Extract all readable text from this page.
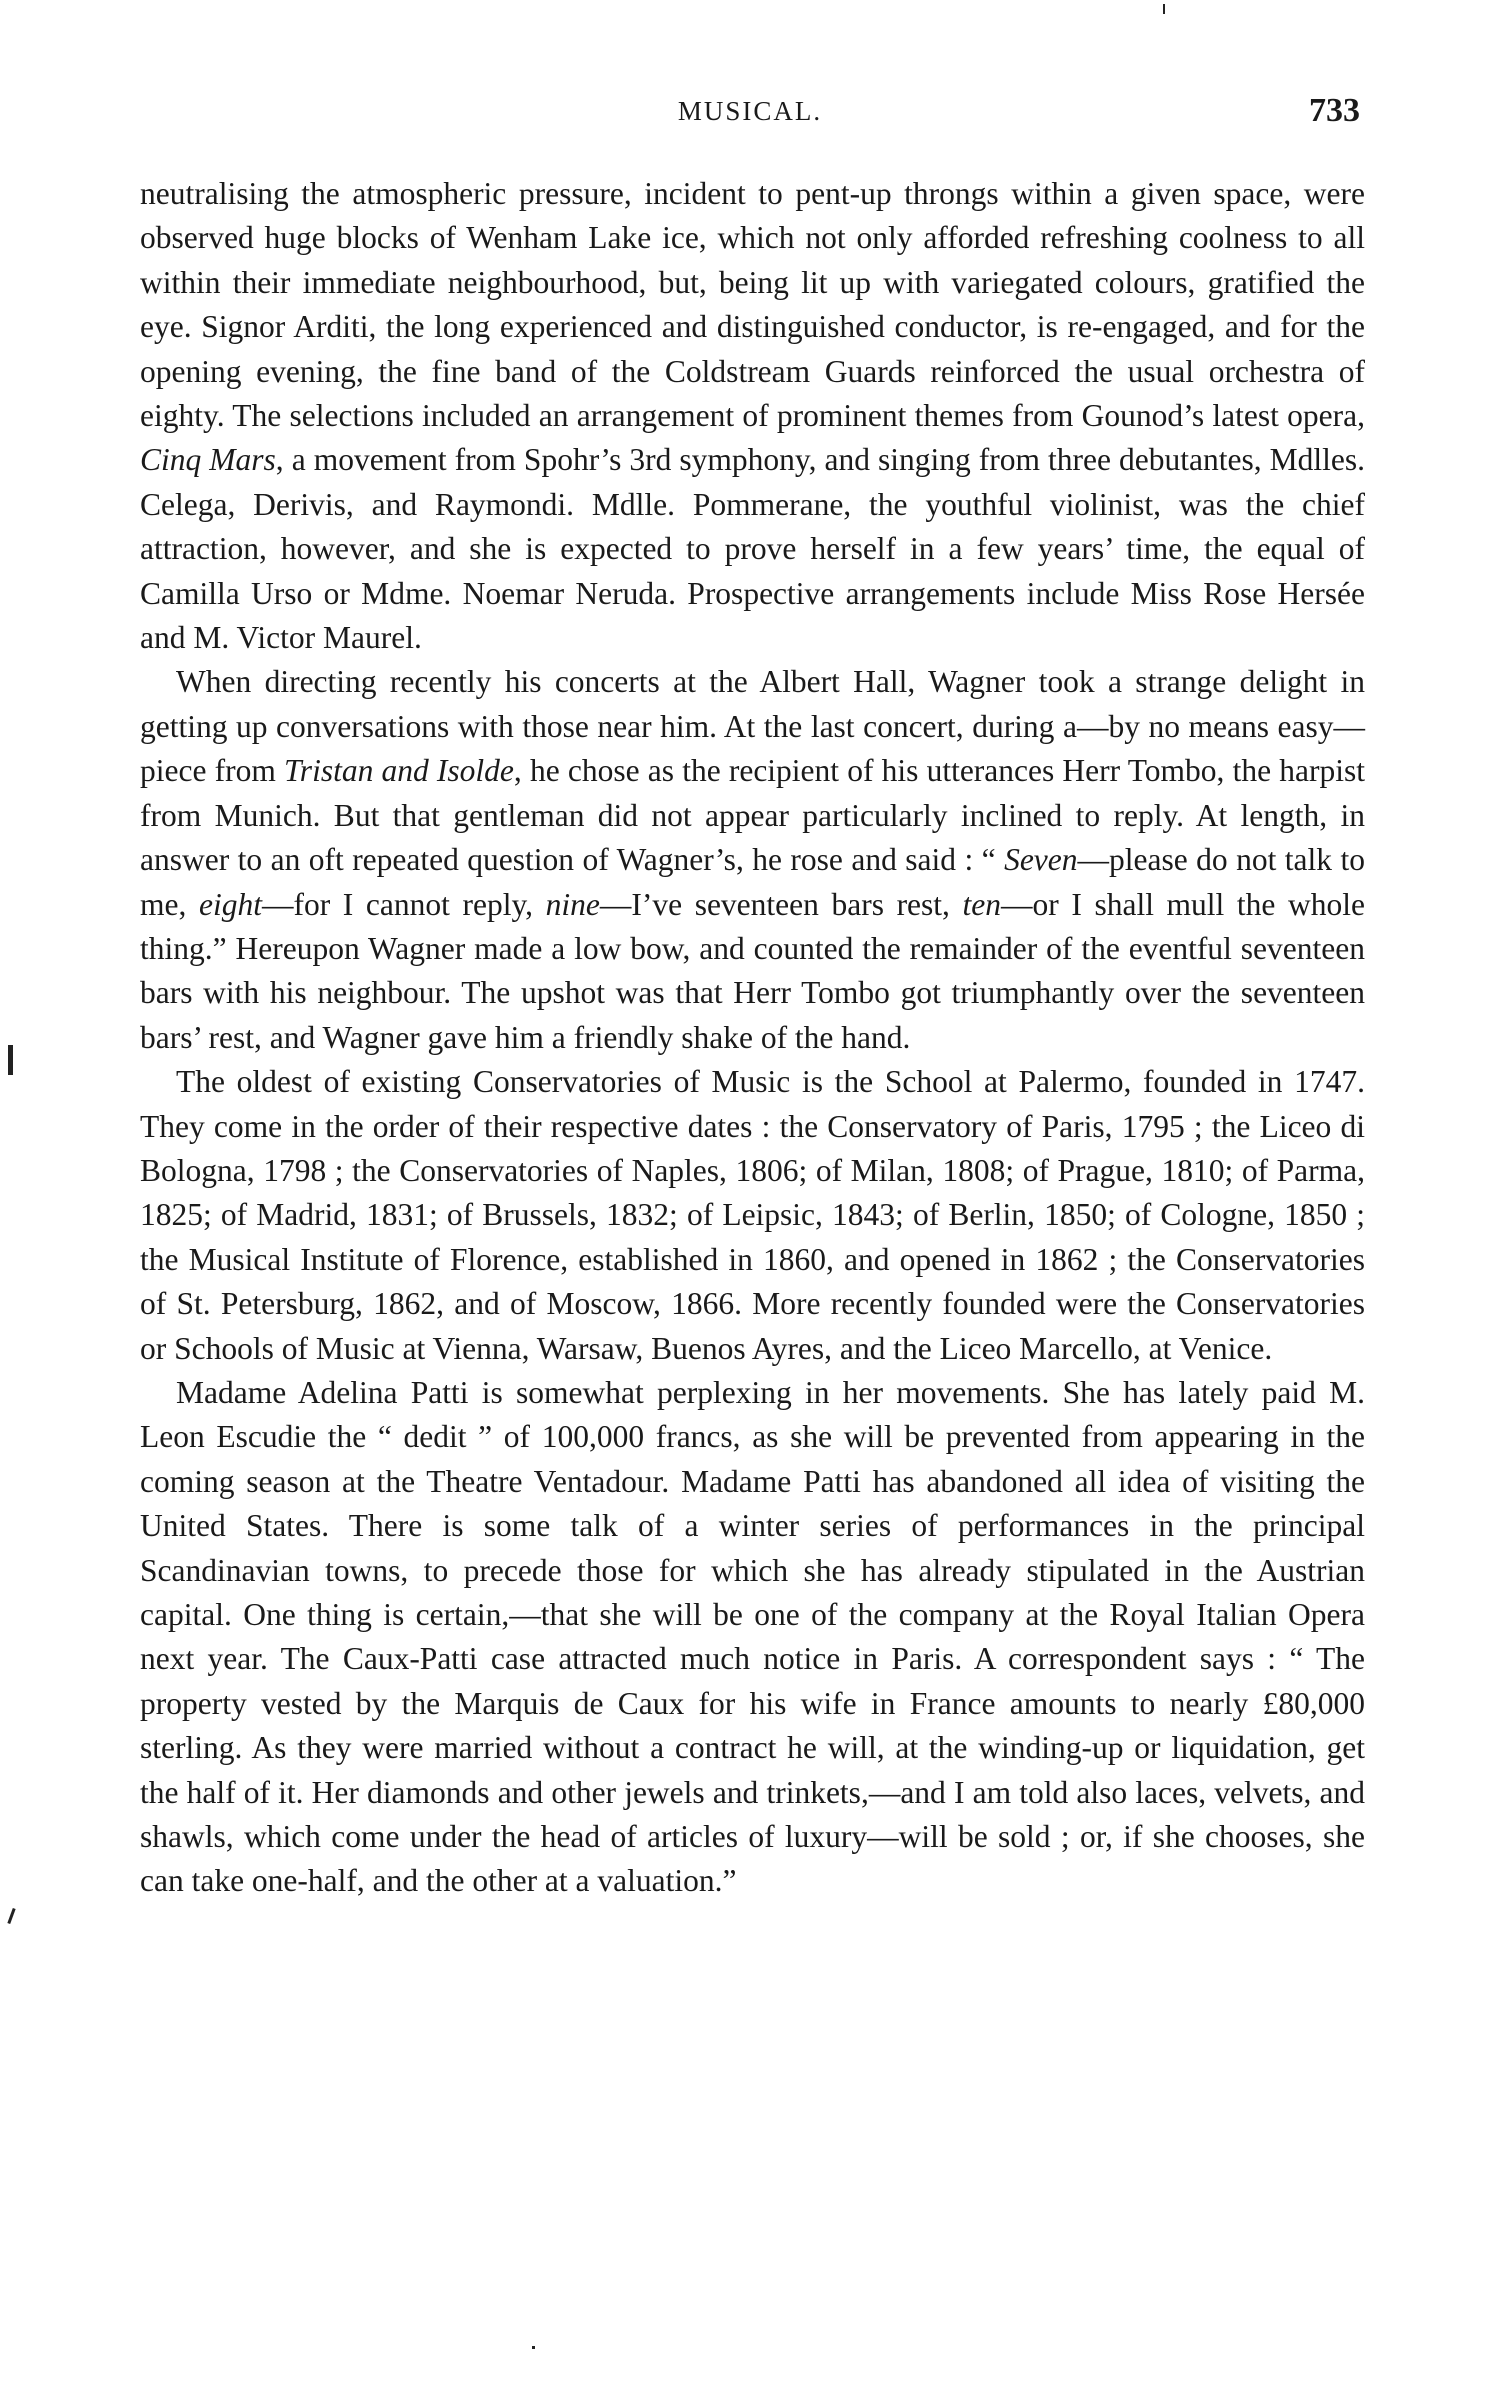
MUSICAL.	733

neutralising the atmospheric pressure, incident to pent-up throngs within a given space, were observed huge blocks of Wenham Lake ice, which not only afforded refreshing coolness to all within their immediate neighbourhood, but, being lit up with variegated colours, gratified the eye. Signor Arditi, the long experienced and distinguished conductor, is re-engaged, and for the opening evening, the fine band of the Coldstream Guards reinforced the usual orchestra of eighty. The selections included an arrangement of prominent themes from Gounod’s latest opera, Cinq Mars, a movement from Spohr’s 3rd symphony, and singing from three debutantes, Mdlles. Celega, Derivis, and Raymondi. Mdlle. Pommerane, the youthful violinist, was the chief attraction, however, and she is expected to prove herself in a few years’ time, the equal of Camilla Urso or Mdme. Noemar Neruda. Prospective arrangements include Miss Rose Hersée and M. Victor Maurel.

When directing recently his concerts at the Albert Hall, Wagner took a strange delight in getting up conversations with those near him. At the last concert, during a—by no means easy—piece from Tristan and Isolde, he chose as the recipient of his utterances Herr Tombo, the harpist from Munich. But that gentleman did not appear particularly inclined to reply. At length, in answer to an oft repeated question of Wagner’s, he rose and said : “ Seven—please do not talk to me, eight—for I cannot reply, nine—I’ve seventeen bars rest, ten—or I shall mull the whole thing.” Hereupon Wagner made a low bow, and counted the remainder of the eventful seventeen bars with his neighbour. The upshot was that Herr Tombo got triumphantly over the seventeen bars’ rest, and Wagner gave him a friendly shake of the hand.

The oldest of existing Conservatories of Music is the School at Palermo, founded in 1747. They come in the order of their respective dates : the Conservatory of Paris, 1795 ; the Liceo di Bologna, 1798 ; the Conservatories of Naples, 1806; of Milan, 1808; of Prague, 1810; of Parma, 1825; of Madrid, 1831; of Brussels, 1832; of Leipsic, 1843; of Berlin, 1850; of Cologne, 1850 ; the Musical Institute of Florence, established in 1860, and opened in 1862 ; the Conservatories of St. Petersburg, 1862, and of Moscow, 1866. More recently founded were the Conservatories or Schools of Music at Vienna, Warsaw, Buenos Ayres, and the Liceo Marcello, at Venice.

Madame Adelina Patti is somewhat perplexing in her movements. She has lately paid M. Leon Escudie the “ dedit ” of 100,000 francs, as she will be prevented from appearing in the coming season at the Theatre Ventadour. Madame Patti has abandoned all idea of visiting the United States. There is some talk of a winter series of performances in the principal Scandinavian towns, to precede those for which she has already stipulated in the Austrian capital. One thing is certain,—that she will be one of the company at the Royal Italian Opera next year. The Caux-Patti case attracted much notice in Paris. A correspondent says : “ The property vested by the Marquis de Caux for his wife in France amounts to nearly £80,000 sterling. As they were married without a contract he will, at the winding-up or liquidation, get the half of it. Her diamonds and other jewels and trinkets,—and I am told also laces, velvets, and shawls, which come under the head of articles of luxury—will be sold ; or, if she chooses, she can take one-half, and the other at a valuation.”
